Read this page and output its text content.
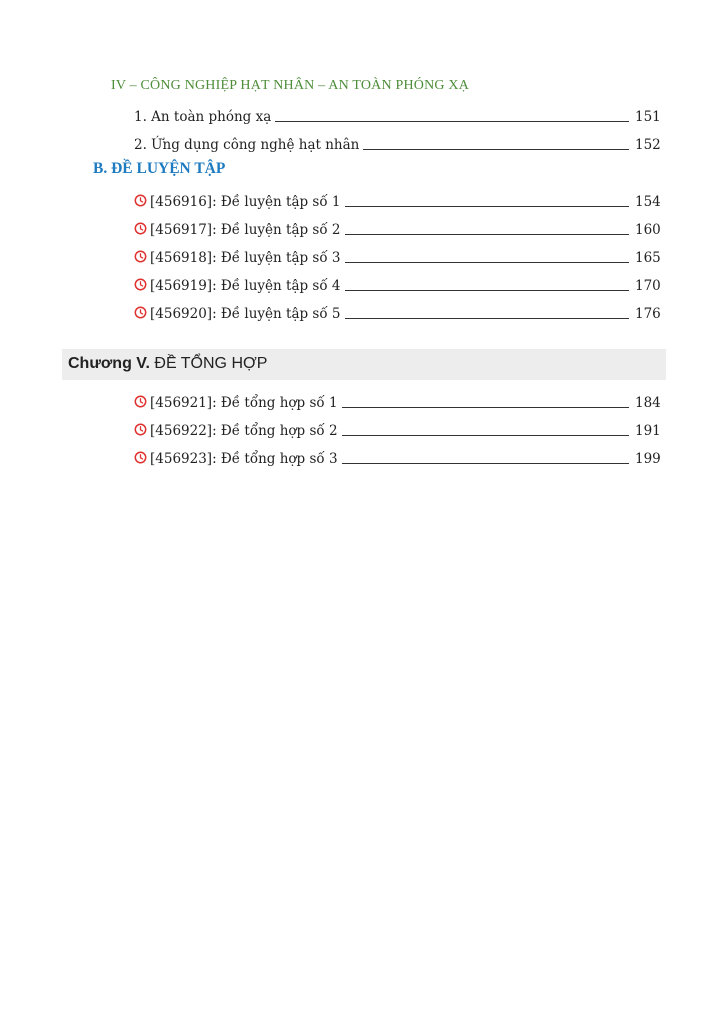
IV – CÔNG NGHIỆP HẠT NHÂN – AN TOÀN PHÓNG XẠ
1. An toàn phóng xạ	151
2. Ứng dụng công nghệ hạt nhân	152
B. ĐỀ LUYỆN TẬP
[456916]: Đề luyện tập số 1	154
[456917]: Đề luyện tập số 2	160
[456918]: Đề luyện tập số 3	165
[456919]: Đề luyện tập số 4	170
[456920]: Đề luyện tập số 5	176
Chương V. ĐỀ TỔNG HỢP
[456921]: Đề tổng hợp số 1	184
[456922]: Đề tổng hợp số 2	191
[456923]: Đề tổng hợp số 3	199
